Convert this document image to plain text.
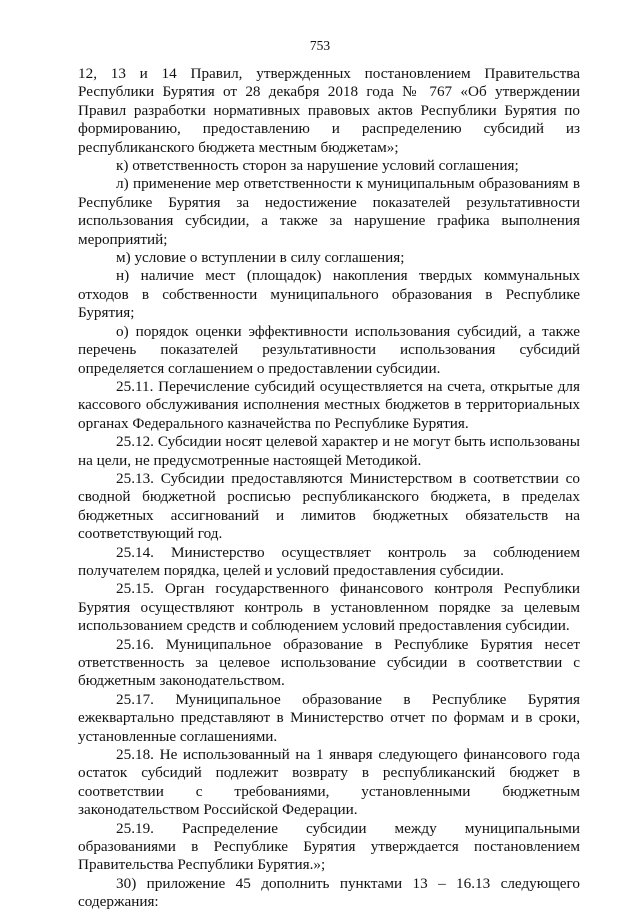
753

12, 13 и 14 Правил, утвержденных постановлением Правительства Республики Бурятия от 28 декабря 2018 года № 767 «Об утверждении Правил разработки нормативных правовых актов Республики Бурятия по формированию, предоставлению и распределению субсидий из республиканского бюджета местным бюджетам»;

к) ответственность сторон за нарушение условий соглашения;

л) применение мер ответственности к муниципальным образованиям в Республике Бурятия за недостижение показателей результативности использования субсидии, а также за нарушение графика выполнения мероприятий;

м) условие о вступлении в силу соглашения;

н) наличие мест (площадок) накопления твердых коммунальных отходов в собственности муниципального образования в Республике Бурятия;

о) порядок оценки эффективности использования субсидий, а также перечень показателей результативности использования субсидий определяется соглашением о предоставлении субсидии.

25.11. Перечисление субсидий осуществляется на счета, открытые для кассового обслуживания исполнения местных бюджетов в территориальных органах Федерального казначейства по Республике Бурятия.

25.12. Субсидии носят целевой характер и не могут быть использованы на цели, не предусмотренные настоящей Методикой.

25.13. Субсидии предоставляются Министерством в соответствии со сводной бюджетной росписью республиканского бюджета, в пределах бюджетных ассигнований и лимитов бюджетных обязательств на соответствующий год.

25.14. Министерство осуществляет контроль за соблюдением получателем порядка, целей и условий предоставления субсидии.

25.15. Орган государственного финансового контроля Республики Бурятия осуществляют контроль в установленном порядке за целевым использованием средств и соблюдением условий предоставления субсидии.

25.16. Муниципальное образование в Республике Бурятия несет ответственность за целевое использование субсидии в соответствии с бюджетным законодательством.

25.17. Муниципальное образование в Республике Бурятия ежеквартально представляют в Министерство отчет по формам и в сроки, установленные соглашениями.

25.18. Не использованный на 1 января следующего финансового года остаток субсидий подлежит возврату в республиканский бюджет в соответствии с требованиями, установленными бюджетным законодательством Российской Федерации.

25.19. Распределение субсидии между муниципальными образованиями в Республике Бурятия утверждается постановлением Правительства Республики Бурятия.»;

30) приложение 45 дополнить пунктами 13 – 16.13 следующего содержания:
